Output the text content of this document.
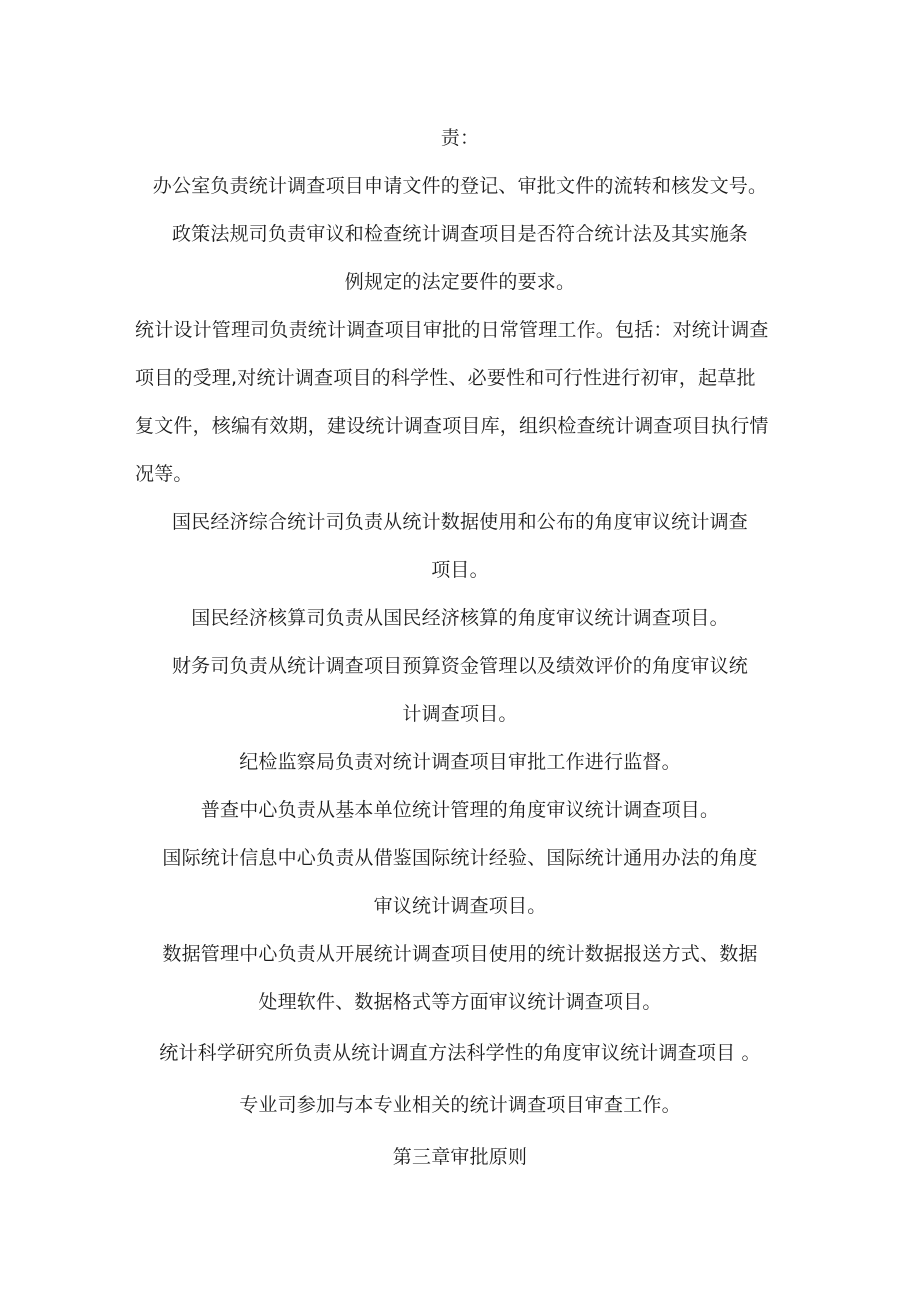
责：
办公室负责统计调查项目申请文件的登记、审批文件的流转和核发文号。
政策法规司负责审议和检查统计调查项目是否符合统计法及其实施条
例规定的法定要件的要求。
统计设计管理司负责统计调查项目审批的日常管理工作。包括：对统计调查
项目的受理,对统计调查项目的科学性、必要性和可行性进行初审，起草批
复文件，核编有效期，建设统计调查项目库，组织检查统计调查项目执行情
况等。
国民经济综合统计司负责从统计数据使用和公布的角度审议统计调查
项目。
国民经济核算司负责从国民经济核算的角度审议统计调查项目。
财务司负责从统计调查项目预算资金管理以及绩效评价的角度审议统
计调查项目。
纪检监察局负责对统计调查项目审批工作进行监督。
普查中心负责从基本单位统计管理的角度审议统计调查项目。
国际统计信息中心负责从借鉴国际统计经验、国际统计通用办法的角度
审议统计调查项目。
数据管理中心负责从开展统计调查项目使用的统计数据报送方式、数据
处理软件、数据格式等方面审议统计调查项目。
统计科学研究所负责从统计调直方法科学性的角度审议统计调查项目 。
专业司参加与本专业相关的统计调查项目审查工作。
第三章审批原则
